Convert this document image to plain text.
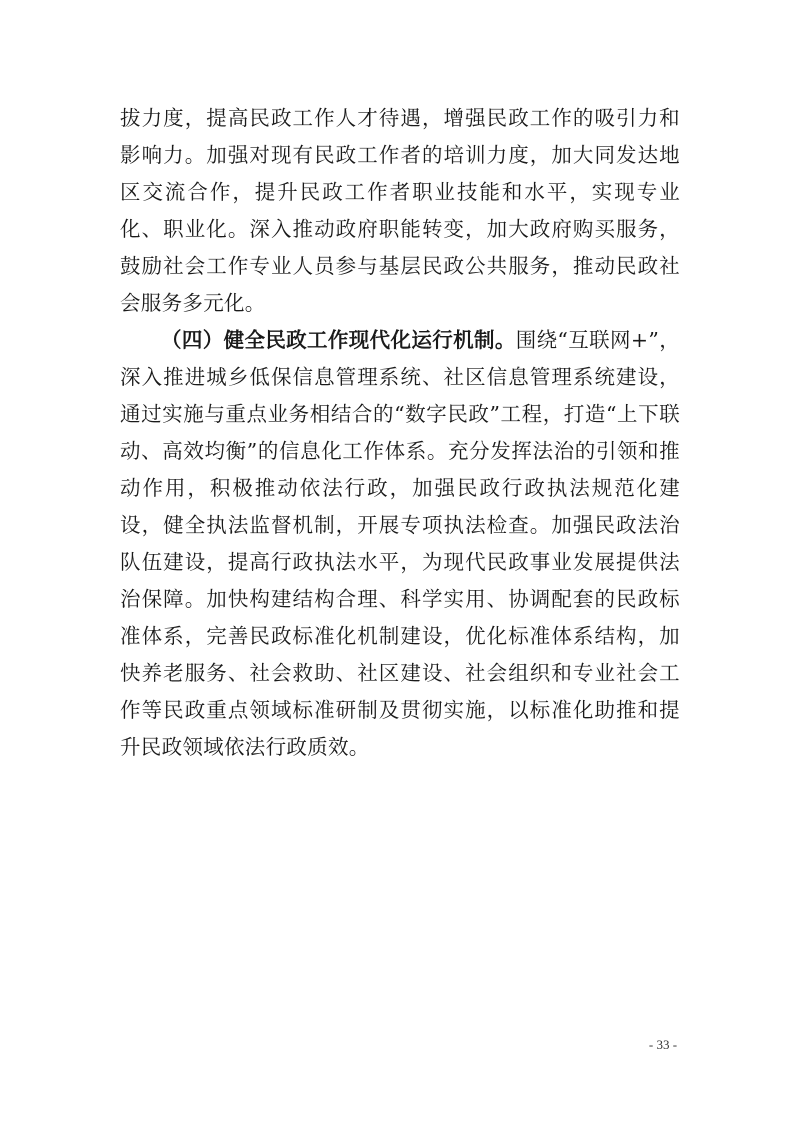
拔力度，提高民政工作人才待遇，增强民政工作的吸引力和影响力。加强对现有民政工作者的培训力度，加大同发达地区交流合作，提升民政工作者职业技能和水平，实现专业化、职业化。深入推动政府职能转变，加大政府购买服务，鼓励社会工作专业人员参与基层民政公共服务，推动民政社会服务多元化。

（四）健全民政工作现代化运行机制。围绕“互联网+”，深入推进城乡低保信息管理系统、社区信息管理系统建设，通过实施与重点业务相结合的“数字民政”工程，打造“上下联动、高效均衡”的信息化工作体系。充分发挥法治的引领和推动作用，积极推动依法行政，加强民政行政执法规范化建设，健全执法监督机制，开展专项执法检查。加强民政法治队伍建设，提高行政执法水平，为现代民政事业发展提供法治保障。加快构建结构合理、科学实用、协调配套的民政标准体系，完善民政标准化机制建设，优化标准体系结构，加快养老服务、社会救助、社区建设、社会组织和专业社会工作等民政重点领域标准研制及贯彻实施，以标准化助推和提升民政领域依法行政质效。

- 33 -
